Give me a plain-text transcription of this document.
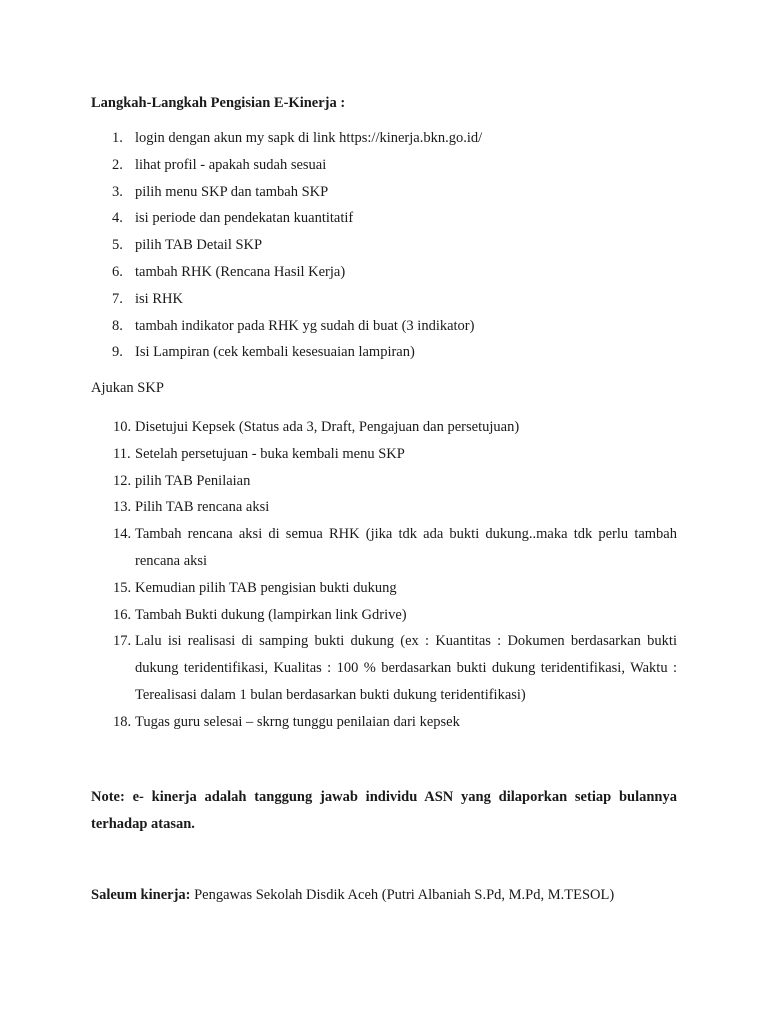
Langkah-Langkah Pengisian E-Kinerja :
1. login dengan akun my sapk di link https://kinerja.bkn.go.id/
2. lihat profil - apakah sudah sesuai
3. pilih menu SKP dan tambah SKP
4. isi periode dan pendekatan kuantitatif
5. pilih TAB Detail SKP
6. tambah RHK (Rencana Hasil Kerja)
7. isi RHK
8. tambah indikator pada RHK yg sudah di buat (3 indikator)
9. Isi Lampiran (cek kembali kesesuaian lampiran)
Ajukan SKP
10. Disetujui Kepsek (Status ada 3, Draft, Pengajuan dan persetujuan)
11. Setelah persetujuan - buka kembali menu SKP
12. pilih TAB Penilaian
13. Pilih TAB rencana aksi
14. Tambah rencana aksi di semua RHK (jika tdk ada bukti dukung..maka tdk perlu tambah rencana aksi
15. Kemudian pilih TAB pengisian bukti dukung
16. Tambah Bukti dukung (lampirkan link Gdrive)
17. Lalu isi realisasi di samping bukti dukung (ex : Kuantitas : Dokumen berdasarkan bukti dukung teridentifikasi, Kualitas : 100 % berdasarkan bukti dukung teridentifikasi, Waktu : Terealisasi dalam 1 bulan berdasarkan bukti dukung teridentifikasi)
18. Tugas guru selesai – skrng tunggu penilaian dari kepsek
Note: e- kinerja adalah tanggung jawab individu ASN yang dilaporkan setiap bulannya terhadap atasan.
Saleum kinerja: Pengawas Sekolah Disdik Aceh (Putri Albaniah S.Pd, M.Pd, M.TESOL)
